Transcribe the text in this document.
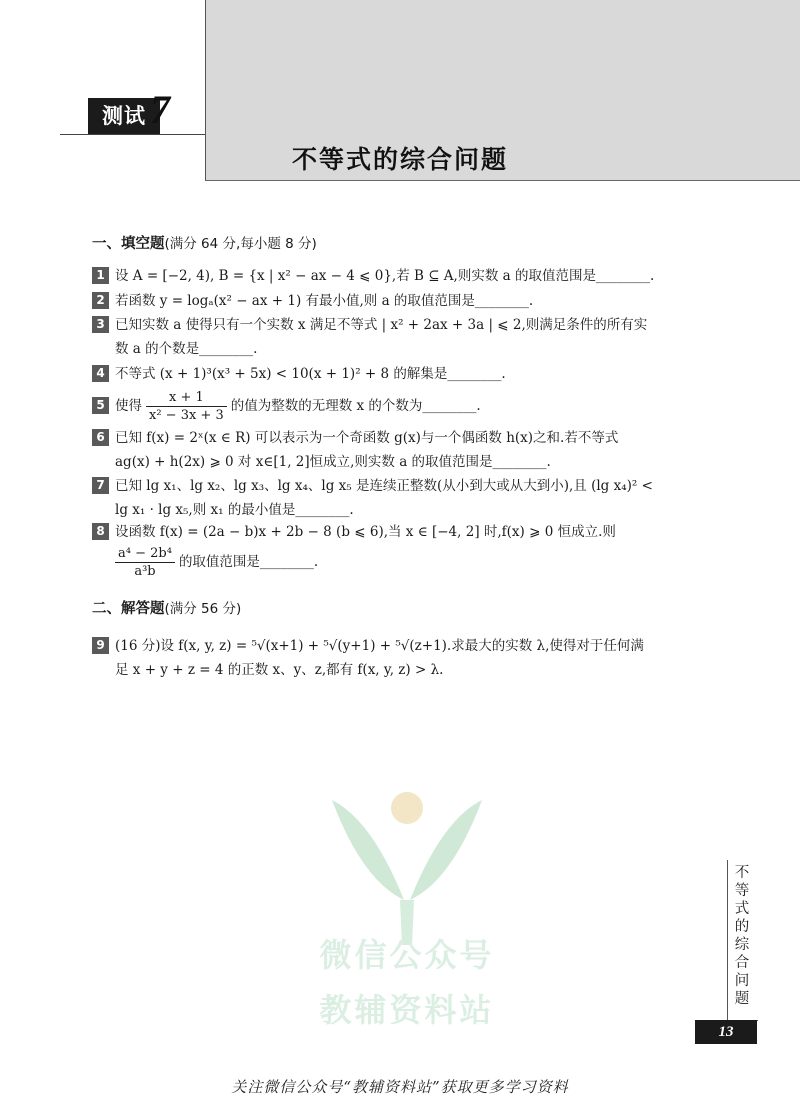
测试 7
不等式的综合问题
一、填空题(满分 64 分,每小题 8 分)
1 设 A = [−2, 4), B = {x | x² − ax − 4 ⩽ 0},若 B ⊆ A,则实数 a 的取值范围是________.
2 若函数 y = logₐ(x² − ax + 1) 有最小值,则 a 的取值范围是________.
3 已知实数 a 使得只有一个实数 x 满足不等式 | x² + 2ax + 3a | ⩽ 2,则满足条件的所有实
数 a 的个数是________.
4 不等式 (x + 1)³(x³ + 5x) < 10(x + 1)² + 8 的解集是________.
5 使得 $\frac{x + 1}{\text{x² − 3x + 3}}$ 的值为整数的无理数 x 的个数为________.
6 已知 f(x) = 2ˣ(x ∈ R) 可以表示为一个奇函数 g(x)与一个偶函数 h(x)之和.若不等式
ag(x) + h(2x) ⩾ 0 对 x∈[1, 2]恒成立,则实数 a 的取值范围是________.
7 已知 lg x₁、lg x₂、lg x₃、lg x₄、lg x₅ 是连续正整数(从小到大或从大到小),且 (lg x₄)² <
lg x₁ · lg x₅,则 x₁ 的最小值是________.
8 设函数 f(x) = (2a − b)x + 2b − 8 (b ⩽ 6),当 x ∈ [−4, 2] 时,f(x) ⩾ 0 恒成立.则
$\frac{\text{a⁴ − 2b⁴}}{\text{a³b}}$ 的取值范围是________.
二、解答题(满分 56 分)
9 (16 分)设 f(x, y, z) = ⁵√(x+1) + ⁵√(y+1) + ⁵√(z+1).求最大的实数 λ,使得对于任何满
足 x + y + z = 4 的正数 x、y、z,都有 f(x, y, z) > λ.
微信公众号
教辅资料站
不等式的综合问题
13
关注微信公众号“教辅资料站”获取更多学习资料
